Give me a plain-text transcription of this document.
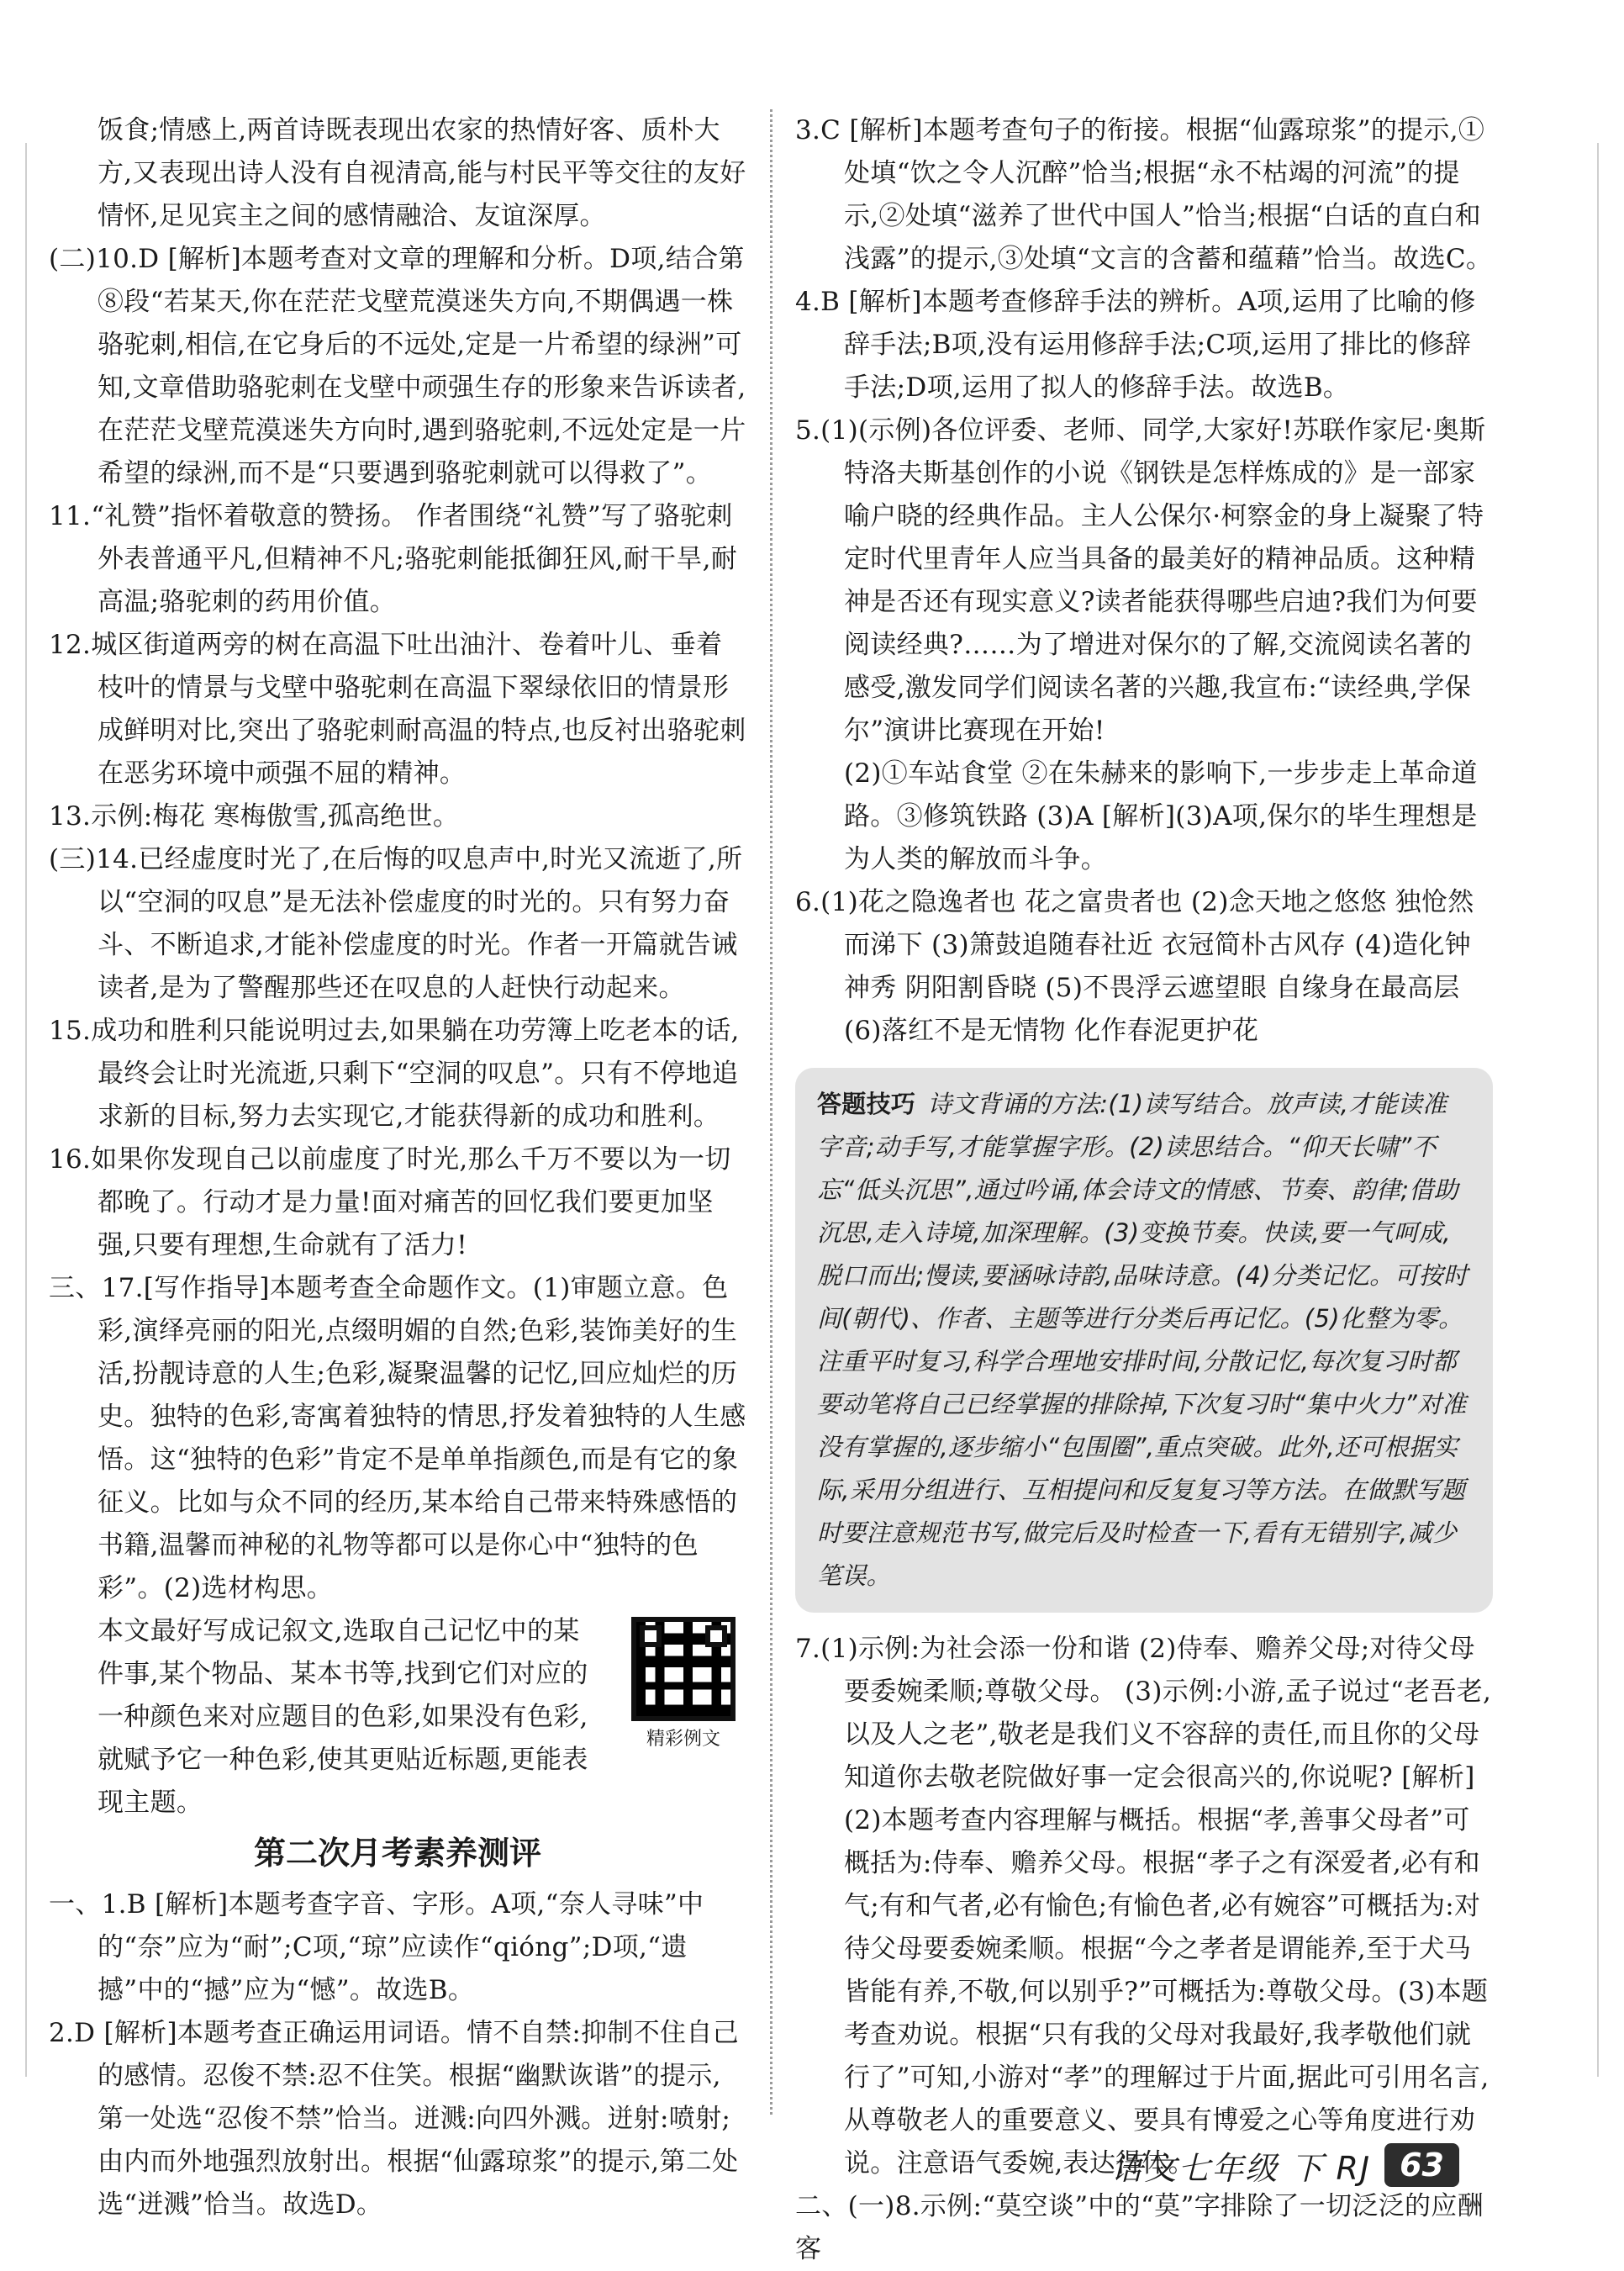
饭食;情感上,两首诗既表现出农家的热情好客、质朴大方,又表现出诗人没有自视清高,能与村民平等交往的友好情怀,足见宾主之间的感情融洽、友谊深厚。

(二)10.D [解析]本题考查对文章的理解和分析。D项,结合第⑧段“若某天,你在茫茫戈壁荒漠迷失方向,不期偶遇一株骆驼刺,相信,在它身后的不远处,定是一片希望的绿洲”可知,文章借助骆驼刺在戈壁中顽强生存的形象来告诉读者,在茫茫戈壁荒漠迷失方向时,遇到骆驼刺,不远处定是一片希望的绿洲,而不是“只要遇到骆驼刺就可以得救了”。

11.“礼赞”指怀着敬意的赞扬。 作者围绕“礼赞”写了骆驼刺外表普通平凡,但精神不凡;骆驼刺能抵御狂风,耐干旱,耐高温;骆驼刺的药用价值。

12.城区街道两旁的树在高温下吐出油汁、卷着叶儿、垂着枝叶的情景与戈壁中骆驼刺在高温下翠绿依旧的情景形成鲜明对比,突出了骆驼刺耐高温的特点,也反衬出骆驼刺在恶劣环境中顽强不屈的精神。

13.示例:梅花 寒梅傲雪,孤高绝世。

(三)14.已经虚度时光了,在后悔的叹息声中,时光又流逝了,所以“空洞的叹息”是无法补偿虚度的时光的。只有努力奋斗、不断追求,才能补偿虚度的时光。作者一开篇就告诫读者,是为了警醒那些还在叹息的人赶快行动起来。

15.成功和胜利只能说明过去,如果躺在功劳簿上吃老本的话,最终会让时光流逝,只剩下“空洞的叹息”。只有不停地追求新的目标,努力去实现它,才能获得新的成功和胜利。

16.如果你发现自己以前虚度了时光,那么千万不要以为一切都晚了。行动才是力量!面对痛苦的回忆我们要更加坚强,只要有理想,生命就有了活力!

三、17.[写作指导]本题考查全命题作文。(1)审题立意。色彩,演绎亮丽的阳光,点缀明媚的自然;色彩,装饰美好的生活,扮靓诗意的人生;色彩,凝聚温馨的记忆,回应灿烂的历史。独特的色彩,寄寓着独特的情思,抒发着独特的人生感悟。这“独特的色彩”肯定不是单单指颜色,而是有它的象征义。比如与众不同的经历,某本给自己带来特殊感悟的书籍,温馨而神秘的礼物等都可以是你心中“独特的色彩”。(2)选材构思。

精彩例文

本文最好写成记叙文,选取自己记忆中的某件事,某个物品、某本书等,找到它们对应的一种颜色来对应题目的色彩,如果没有色彩,就赋予它一种色彩,使其更贴近标题,更能表现主题。

第二次月考素养测评

一、1.B [解析]本题考查字音、字形。A项,“奈人寻味”中的“奈”应为“耐”;C项,“琼”应读作“qióng”;D项,“遗撼”中的“撼”应为“憾”。故选B。

2.D [解析]本题考查正确运用词语。情不自禁:抑制不住自己的感情。忍俊不禁:忍不住笑。根据“幽默诙谐”的提示,第一处选“忍俊不禁”恰当。迸溅:向四外溅。迸射:喷射;由内而外地强烈放射出。根据“仙露琼浆”的提示,第二处选“迸溅”恰当。故选D。

3.C [解析]本题考查句子的衔接。根据“仙露琼浆”的提示,①处填“饮之令人沉醉”恰当;根据“永不枯竭的河流”的提示,②处填“滋养了世代中国人”恰当;根据“白话的直白和浅露”的提示,③处填“文言的含蓄和蕴藉”恰当。故选C。

4.B [解析]本题考查修辞手法的辨析。A项,运用了比喻的修辞手法;B项,没有运用修辞手法;C项,运用了排比的修辞手法;D项,运用了拟人的修辞手法。故选B。

5.(1)(示例)各位评委、老师、同学,大家好!苏联作家尼·奥斯特洛夫斯基创作的小说《钢铁是怎样炼成的》是一部家喻户晓的经典作品。主人公保尔·柯察金的身上凝聚了特定时代里青年人应当具备的最美好的精神品质。这种精神是否还有现实意义?读者能获得哪些启迪?我们为何要阅读经典?……为了增进对保尔的了解,交流阅读名著的感受,激发同学们阅读名著的兴趣,我宣布:“读经典,学保尔”演讲比赛现在开始!

(2)①车站食堂 ②在朱赫来的影响下,一步步走上革命道路。③修筑铁路 (3)A [解析](3)A项,保尔的毕生理想是为人类的解放而斗争。

6.(1)花之隐逸者也 花之富贵者也 (2)念天地之悠悠 独怆然而涕下 (3)箫鼓追随春社近 衣冠简朴古风存 (4)造化钟神秀 阴阳割昏晓 (5)不畏浮云遮望眼 自缘身在最高层 (6)落红不是无情物 化作春泥更护花

答题技巧 诗文背诵的方法:(1)读写结合。放声读,才能读准字音;动手写,才能掌握字形。(2)读思结合。“仰天长啸”不忘“低头沉思”,通过吟诵,体会诗文的情感、节奏、韵律;借助沉思,走入诗境,加深理解。(3)变换节奏。快读,要一气呵成,脱口而出;慢读,要涵咏诗韵,品味诗意。(4)分类记忆。可按时间(朝代)、作者、主题等进行分类后再记忆。(5)化整为零。注重平时复习,科学合理地安排时间,分散记忆,每次复习时都要动笔将自己已经掌握的排除掉,下次复习时“集中火力”对准没有掌握的,逐步缩小“包围圈”,重点突破。此外,还可根据实际,采用分组进行、互相提问和反复复习等方法。在做默写题时要注意规范书写,做完后及时检查一下,看有无错别字,减少笔误。

7.(1)示例:为社会添一份和谐 (2)侍奉、赡养父母;对待父母要委婉柔顺;尊敬父母。 (3)示例:小游,孟子说过“老吾老,以及人之老”,敬老是我们义不容辞的责任,而且你的父母知道你去敬老院做好事一定会很高兴的,你说呢? [解析](2)本题考查内容理解与概括。根据“孝,善事父母者”可概括为:侍奉、赡养父母。根据“孝子之有深爱者,必有和气;有和气者,必有愉色;有愉色者,必有婉容”可概括为:对待父母要委婉柔顺。根据“今之孝者是谓能养,至于犬马皆能有养,不敬,何以别乎?”可概括为:尊敬父母。(3)本题考查劝说。根据“只有我的父母对我最好,我孝敬他们就行了”可知,小游对“孝”的理解过于片面,据此可引用名言,从尊敬老人的重要意义、要具有博爱之心等角度进行劝说。注意语气委婉,表达得体。

二、(一)8.示例:“莫空谈”中的“莫”字排除了一切泛泛的应酬客

语文七年级 下 RJ 63
